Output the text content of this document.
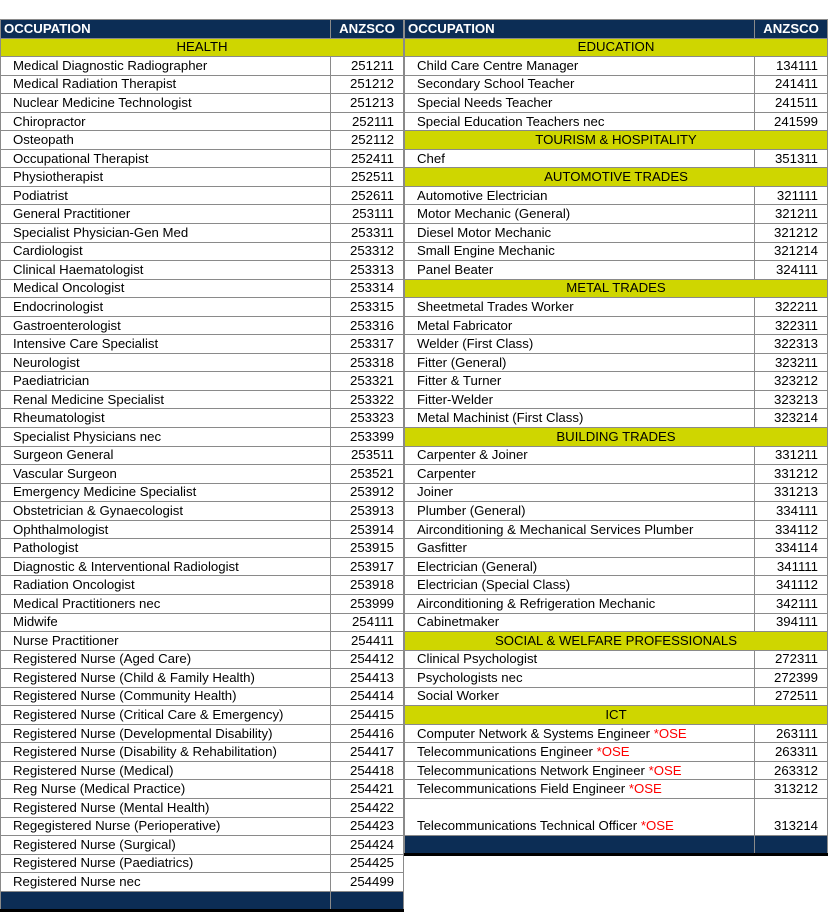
OCCUPATION	ANZSCO
HEALTH	
Medical Diagnostic Radiographer	251211
Medical Radiation Therapist	251212
Nuclear Medicine Technologist	251213
Chiropractor	252111
Osteopath	252112
Occupational Therapist	252411
Physiotherapist	252511
Podiatrist	252611
General Practitioner	253111
Specialist Physician-Gen Med	253311
Cardiologist	253312
Clinical Haematologist	253313
Medical Oncologist	253314
Endocrinologist	253315
Gastroenterologist	253316
Intensive Care Specialist	253317
Neurologist	253318
Paediatrician	253321
Renal Medicine Specialist	253322
Rheumatologist	253323
Specialist Physicians nec	253399
Surgeon General	253511
Vascular Surgeon	253521
Emergency Medicine Specialist	253912
Obstetrician & Gynaecologist	253913
Ophthalmologist	253914
Pathologist	253915
Diagnostic & Interventional Radiologist	253917
Radiation Oncologist	253918
Medical Practitioners nec	253999
Midwife	254111
Nurse Practitioner	254411
Registered Nurse (Aged Care)	254412
Registered Nurse (Child & Family Health)	254413
Registered Nurse (Community Health)	254414
Registered Nurse (Critical Care & Emergency)	254415
Registered Nurse (Developmental Disability)	254416
Registered Nurse (Disability & Rehabilitation)	254417
Registered Nurse (Medical)	254418
Reg Nurse (Medical Practice)	254421
Registered Nurse (Mental Health)	254422
Regegistered Nurse (Perioperative)	254423
Registered Nurse (Surgical)	254424
Registered Nurse (Paediatrics)	254425
Registered Nurse nec	254499

OCCUPATION	ANZSCO
EDUCATION	
Child Care Centre Manager	134111
Secondary School Teacher	241411
Special Needs Teacher	241511
Special Education Teachers nec	241599
TOURISM & HOSPITALITY	
Chef	351311
AUTOMOTIVE TRADES	
Automotive Electrician	321111
Motor Mechanic (General)	321211
Diesel Motor Mechanic	321212
Small Engine Mechanic	321214
Panel Beater	324111
METAL TRADES	
Sheetmetal Trades Worker	322211
Metal Fabricator	322311
Welder (First Class)	322313
Fitter (General)	323211
Fitter & Turner	323212
Fitter-Welder	323213
Metal Machinist (First Class)	323214
BUILDING TRADES	
Carpenter & Joiner	331211
Carpenter	331212
Joiner	331213
Plumber (General)	334111
Airconditioning & Mechanical Services Plumber	334112
Gasfitter	334114
Electrician (General)	341111
Electrician (Special Class)	341112
Airconditioning & Refrigeration Mechanic	342111
Cabinetmaker	394111
SOCIAL & WELFARE PROFESSIONALS	
Clinical Psychologist	272311
Psychologists nec	272399
Social Worker	272511
ICT	
Computer Network & Systems Engineer *OSE	263111
Telecommunications Engineer *OSE	263311
Telecommunications Network Engineer *OSE	263312
Telecommunications Field Engineer *OSE	313212
Telecommunications Technical Officer *OSE	313214
